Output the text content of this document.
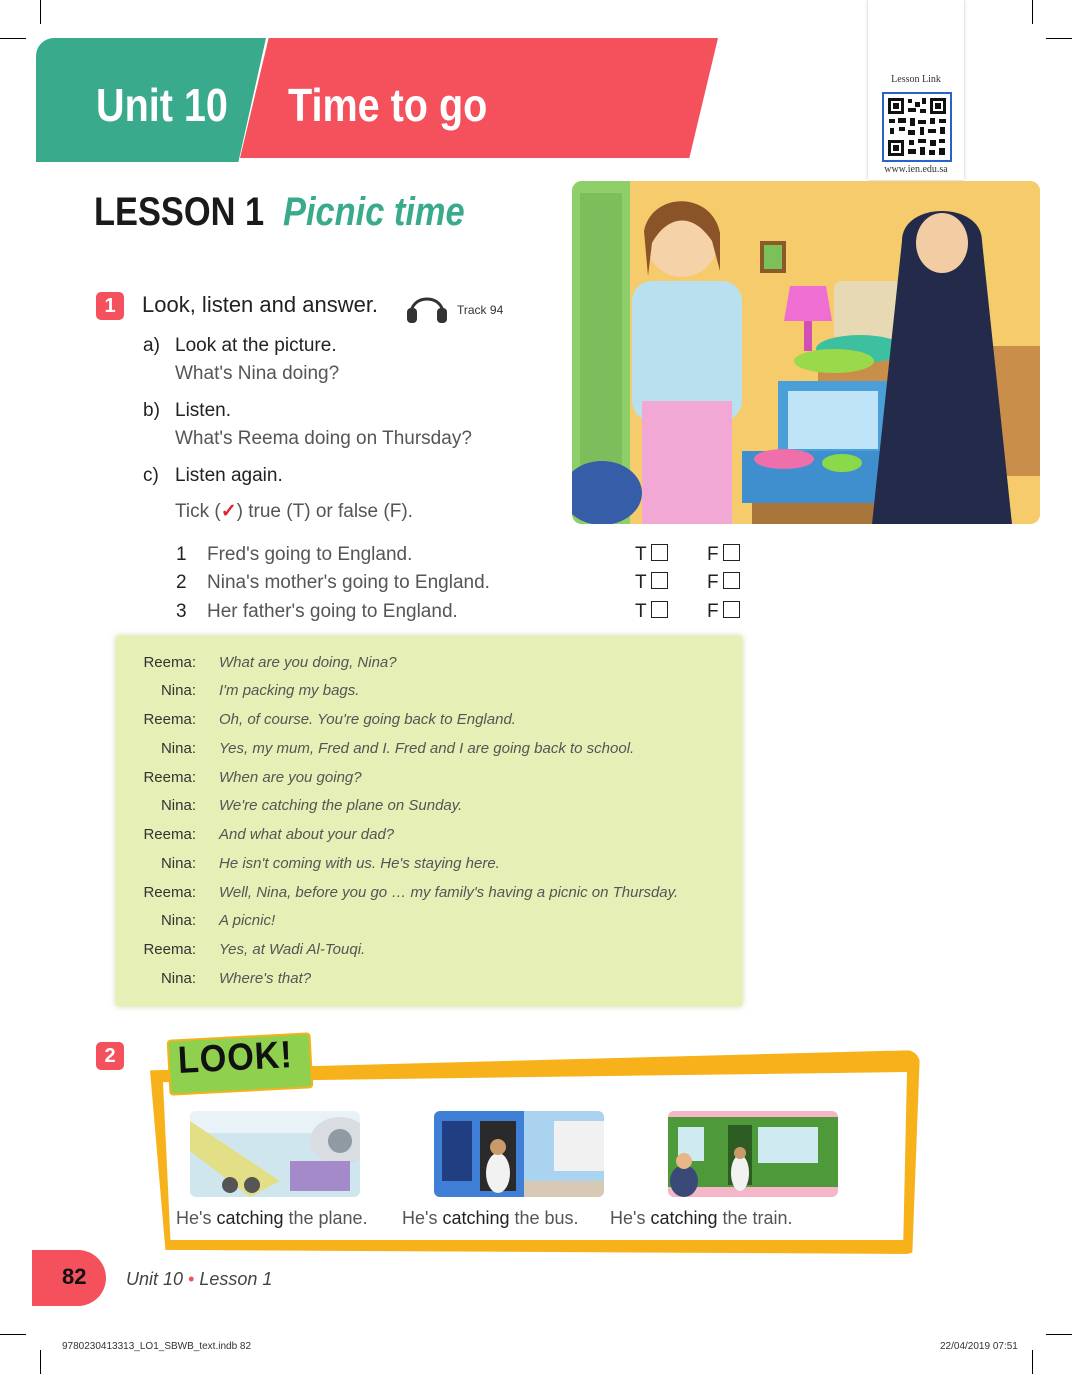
Unit 10 Time to go	Lesson Link
www.ien.edu.sa
LESSON 1 Picnic time
1	Look, listen and answer.	Track 94
a) Look at the picture.
What's Nina doing?
b) Listen.
What's Reema doing on Thursday?
c) Listen again.
Tick (✓) true (T) or false (F).
1 Fred's going to England.	T	F
2 Nina's mother's going to England.	T	F
3 Her father's going to England.	T	F
Reema: What are you doing, Nina?
Nina: I'm packing my bags.
Reema: Oh, of course. You're going back to England.
Nina: Yes, my mum, Fred and I. Fred and I are going back to school.
Reema: When are you going?
Nina: We're catching the plane on Sunday.
Reema: And what about your dad?
Nina: He isn't coming with us. He's staying here.
Reema: Well, Nina, before you go … my family's having a picnic on Thursday.
Nina: A picnic!
Reema: Yes, at Wadi Al-Touqi.
Nina: Where's that?
2 LOOK!
He's catching the plane. He's catching the bus. He's catching the train.
82 Unit 10 • Lesson 1
9780230413313_LO1_SBWB_text.indb 82	22/04/2019 07:51
